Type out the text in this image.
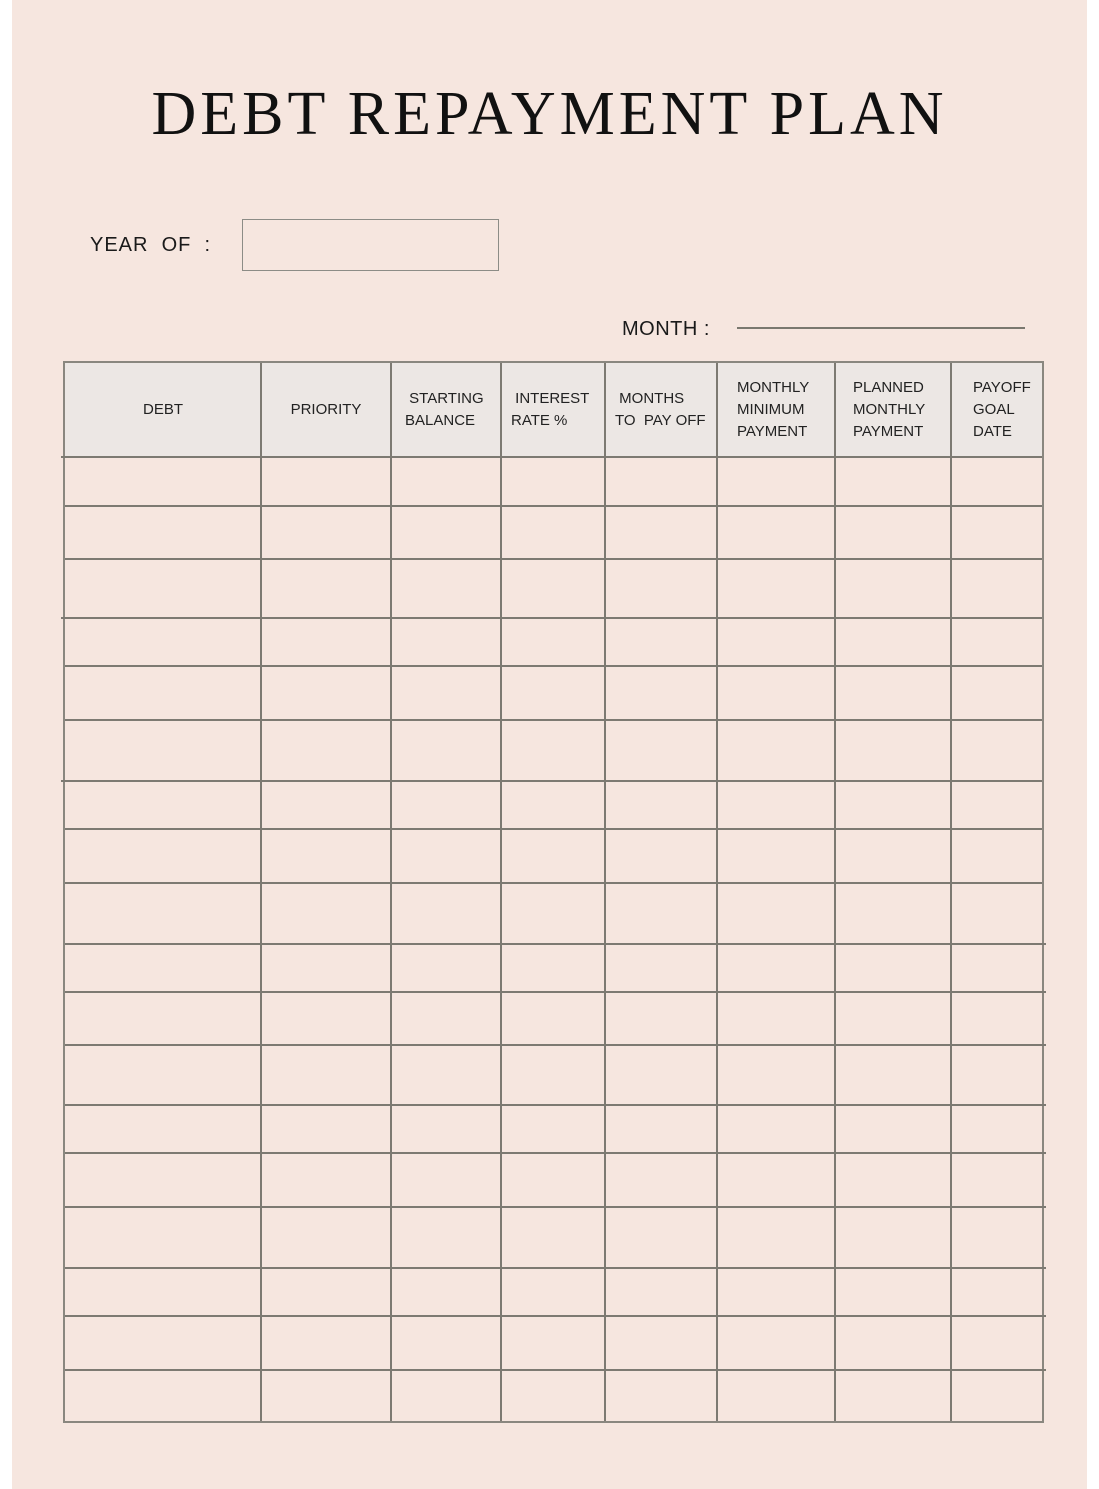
DEBT REPAYMENT PLAN
YEAR  OF  :
MONTH :
DEBT	PRIORITY
STARTING
BALANCE
INTEREST
RATE %
MONTHS
TO  PAY OFF
MONTHLY
MINIMUM
PAYMENT
PLANNED
MONTHLY
PAYMENT
PAYOFF
GOAL
DATE
